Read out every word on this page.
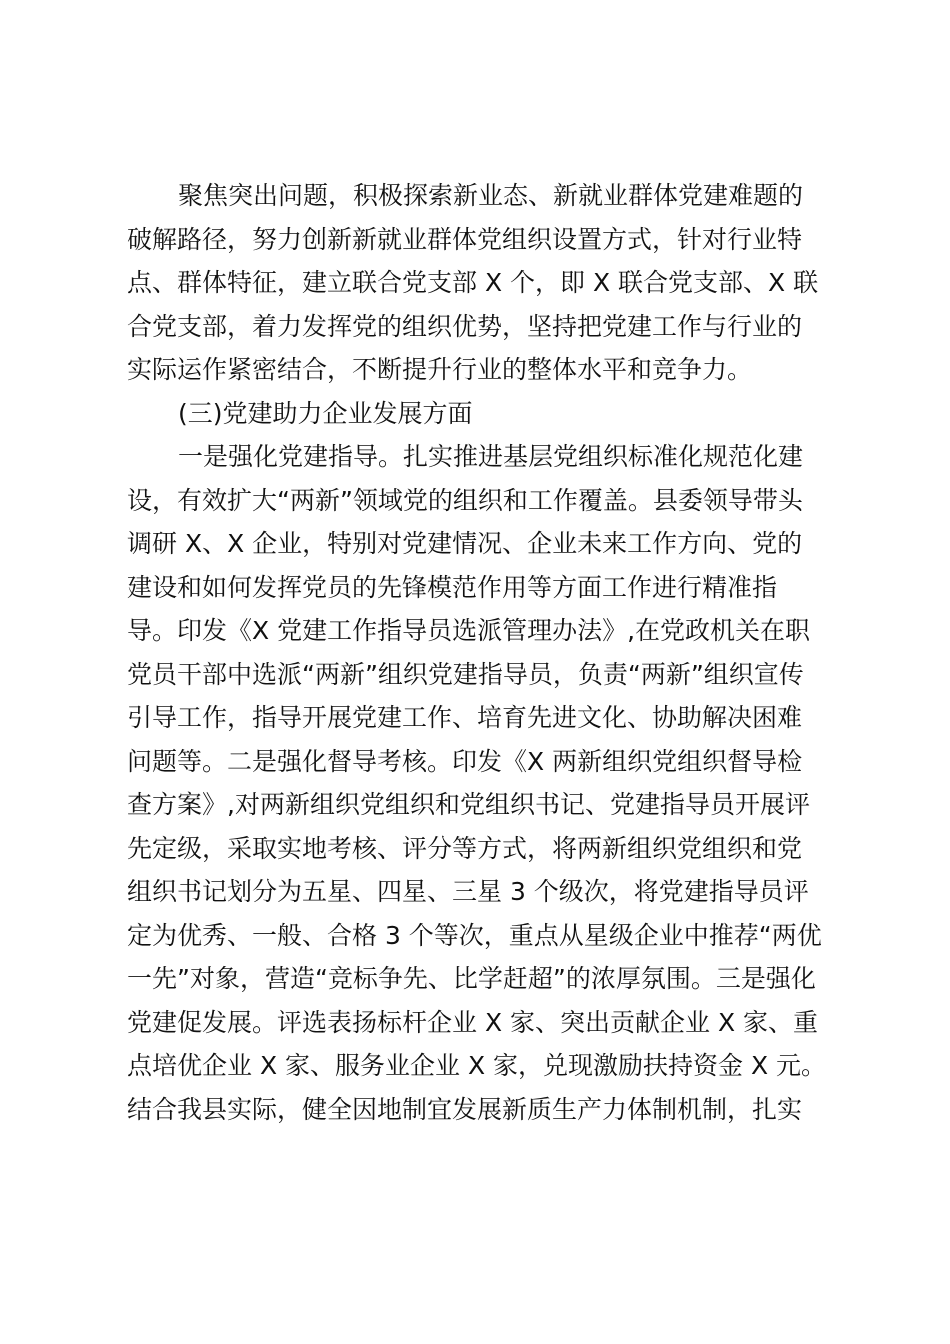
聚焦突出问题，积极探索新业态、新就业群体党建难题的
破解路径，努力创新新就业群体党组织设置方式，针对行业特
点、群体特征，建立联合党支部 X 个，即 X 联合党支部、X 联
合党支部，着力发挥党的组织优势，坚持把党建工作与行业的
实际运作紧密结合，不断提升行业的整体水平和竞争力。
(三)党建助力企业发展方面
一是强化党建指导。扎实推进基层党组织标准化规范化建
设，有效扩大“两新”领域党的组织和工作覆盖。县委领导带头
调研 X、X 企业，特别对党建情况、企业未来工作方向、党的
建设和如何发挥党员的先锋模范作用等方面工作进行精准指
导。印发《X 党建工作指导员选派管理办法》,在党政机关在职
党员干部中选派“两新”组织党建指导员，负责“两新”组织宣传
引导工作，指导开展党建工作、培育先进文化、协助解决困难
问题等。二是强化督导考核。印发《X 两新组织党组织督导检
查方案》,对两新组织党组织和党组织书记、党建指导员开展评
先定级，采取实地考核、评分等方式，将两新组织党组织和党
组织书记划分为五星、四星、三星 3 个级次，将党建指导员评
定为优秀、一般、合格 3 个等次，重点从星级企业中推荐“两优
一先”对象，营造“竞标争先、比学赶超”的浓厚氛围。三是强化
党建促发展。评选表扬标杆企业 X 家、突出贡献企业 X 家、重
点培优企业 X 家、服务业企业 X 家，兑现激励扶持资金 X 元。
结合我县实际，健全因地制宜发展新质生产力体制机制，扎实
